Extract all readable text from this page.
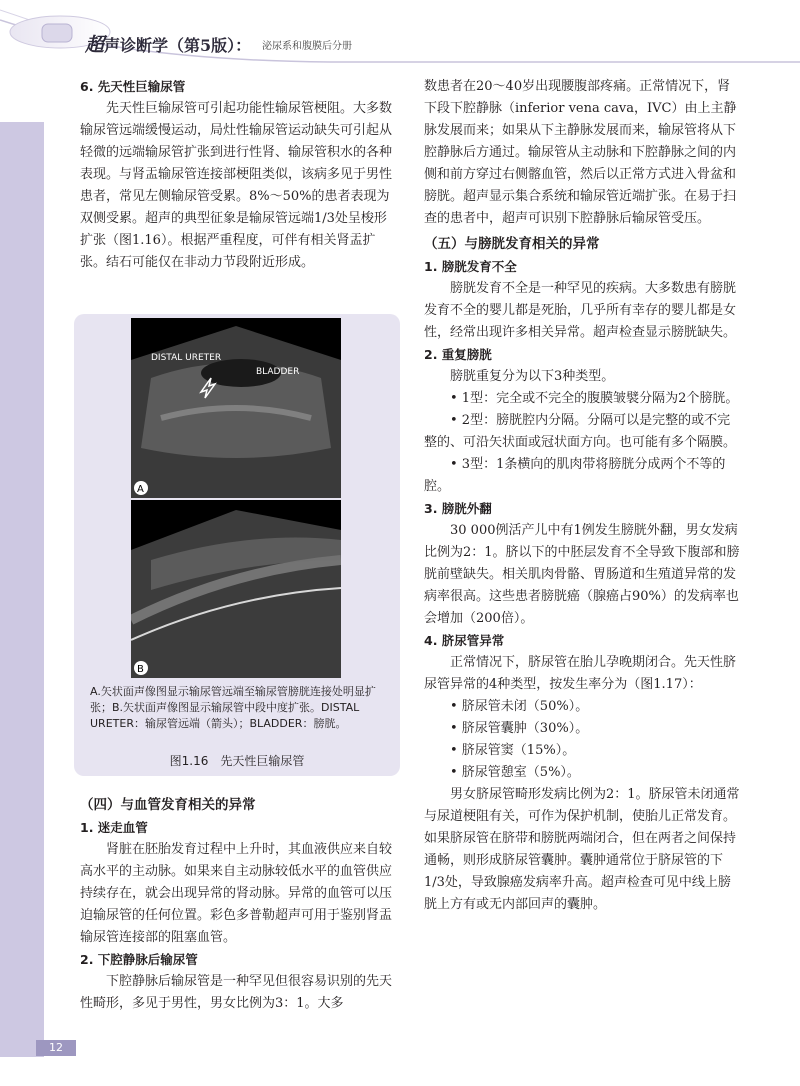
超声诊断学（第5版）： 泌尿系和腹膜后分册
12

6. 先天性巨输尿管

先天性巨输尿管可引起功能性输尿管梗阻。大多数输尿管远端缓慢运动，局灶性输尿管运动缺失可引起从轻微的远端输尿管扩张到进行性肾、输尿管积水的各种表现。与肾盂输尿管连接部梗阻类似，该病多见于男性患者，常见左侧输尿管受累。8%～50%的患者表现为双侧受累。超声的典型征象是输尿管远端1/3处呈梭形扩张（图1.16）。根据严重程度，可伴有相关肾盂扩张。结石可能仅在非动力节段附近形成。

DISTAL URETER
BLADDER
A
B
A.矢状面声像图显示输尿管远端至输尿管膀胱连接处明显扩张；B.矢状面声像图显示输尿管中段中度扩张。DISTAL URETER：输尿管远端（箭头）；BLADDER：膀胱。
图1.16　先天性巨输尿管

（四）与血管发育相关的异常

1. 迷走血管

肾脏在胚胎发育过程中上升时，其血液供应来自较高水平的主动脉。如果来自主动脉较低水平的血管供应持续存在，就会出现异常的肾动脉。异常的血管可以压迫输尿管的任何位置。彩色多普勒超声可用于鉴别肾盂输尿管连接部的阻塞血管。

2. 下腔静脉后输尿管

下腔静脉后输尿管是一种罕见但很容易识别的先天性畸形，多见于男性，男女比例为3：1。大多

数患者在20～40岁出现腰腹部疼痛。正常情况下，肾下段下腔静脉（inferior vena cava，IVC）由上主静脉发展而来；如果从下主静脉发展而来，输尿管将从下腔静脉后方通过。输尿管从主动脉和下腔静脉之间的内侧和前方穿过右侧髂血管，然后以正常方式进入骨盆和膀胱。超声显示集合系统和输尿管近端扩张。在易于扫查的患者中，超声可识别下腔静脉后输尿管受压。

（五）与膀胱发育相关的异常

1. 膀胱发育不全

膀胱发育不全是一种罕见的疾病。大多数患有膀胱发育不全的婴儿都是死胎，几乎所有幸存的婴儿都是女性，经常出现许多相关异常。超声检查显示膀胱缺失。

2. 重复膀胱

膀胱重复分为以下3种类型。

• 1型：完全或不完全的腹膜皱襞分隔为2个膀胱。

• 2型：膀胱腔内分隔。分隔可以是完整的或不完整的、可沿矢状面或冠状面方向。也可能有多个隔膜。

• 3型：1条横向的肌肉带将膀胱分成两个不等的腔。

3. 膀胱外翻

30 000例活产儿中有1例发生膀胱外翻，男女发病比例为2：1。脐以下的中胚层发育不全导致下腹部和膀胱前壁缺失。相关肌肉骨骼、胃肠道和生殖道异常的发病率很高。这些患者膀胱癌（腺癌占90%）的发病率也会增加（200倍）。

4. 脐尿管异常

正常情况下，脐尿管在胎儿孕晚期闭合。先天性脐尿管异常的4种类型，按发生率分为（图1.17）：

• 脐尿管未闭（50%）。

• 脐尿管囊肿（30%）。

• 脐尿管窦（15%）。

• 脐尿管憩室（5%）。

男女脐尿管畸形发病比例为2：1。脐尿管未闭通常与尿道梗阻有关，可作为保护机制，使胎儿正常发育。如果脐尿管在脐带和膀胱两端闭合，但在两者之间保持通畅，则形成脐尿管囊肿。囊肿通常位于脐尿管的下1/3处，导致腺癌发病率升高。超声检查可见中线上膀胱上方有或无内部回声的囊肿。
